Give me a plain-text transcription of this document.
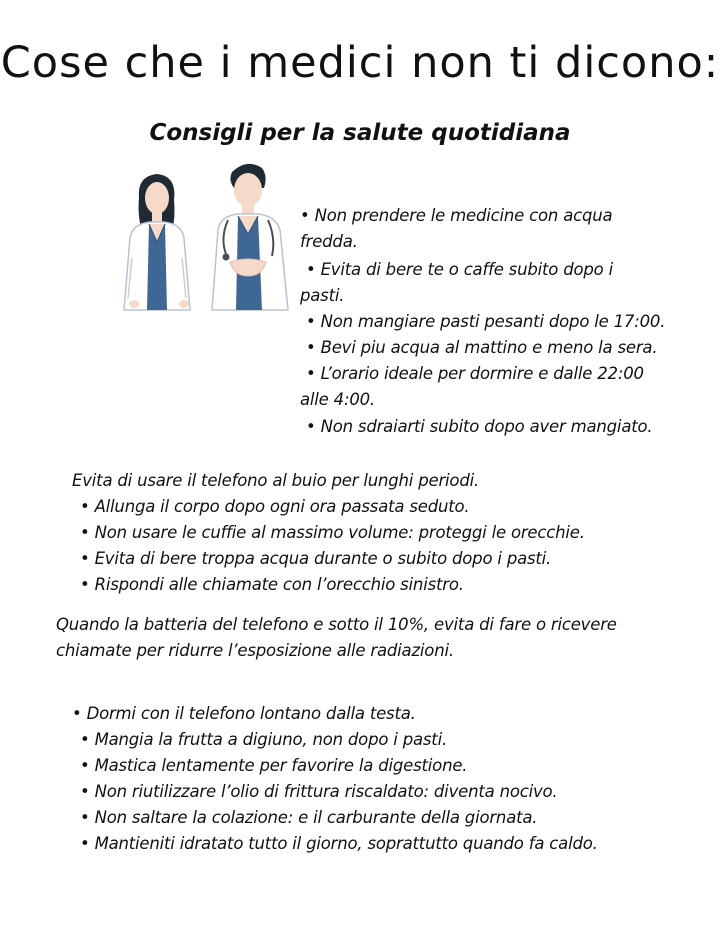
Cose che i medici non ti dicono:
Consigli per la salute quotidiana
• Non prendere le medicine con acqua
fredda.
• Evita di bere te o caffe subito dopo i
pasti.
• Non mangiare pasti pesanti dopo le 17:00.
• Bevi piu acqua al mattino e meno la sera.
• L’orario ideale per dormire e dalle 22:00
alle 4:00.
• Non sdraiarti subito dopo aver mangiato.
Evita di usare il telefono al buio per lunghi periodi.
• Allunga il corpo dopo ogni ora passata seduto.
• Non usare le cuffie al massimo volume: proteggi le orecchie.
• Evita di bere troppa acqua durante o subito dopo i pasti.
• Rispondi alle chiamate con l’orecchio sinistro.
Quando la batteria del telefono e sotto il 10%, evita di fare o ricevere
chiamate per ridurre l’esposizione alle radiazioni.
• Dormi con il telefono lontano dalla testa.
• Mangia la frutta a digiuno, non dopo i pasti.
• Mastica lentamente per favorire la digestione.
• Non riutilizzare l’olio di frittura riscaldato: diventa nocivo.
• Non saltare la colazione: e il carburante della giornata.
• Mantieniti idratato tutto il giorno, soprattutto quando fa caldo.
